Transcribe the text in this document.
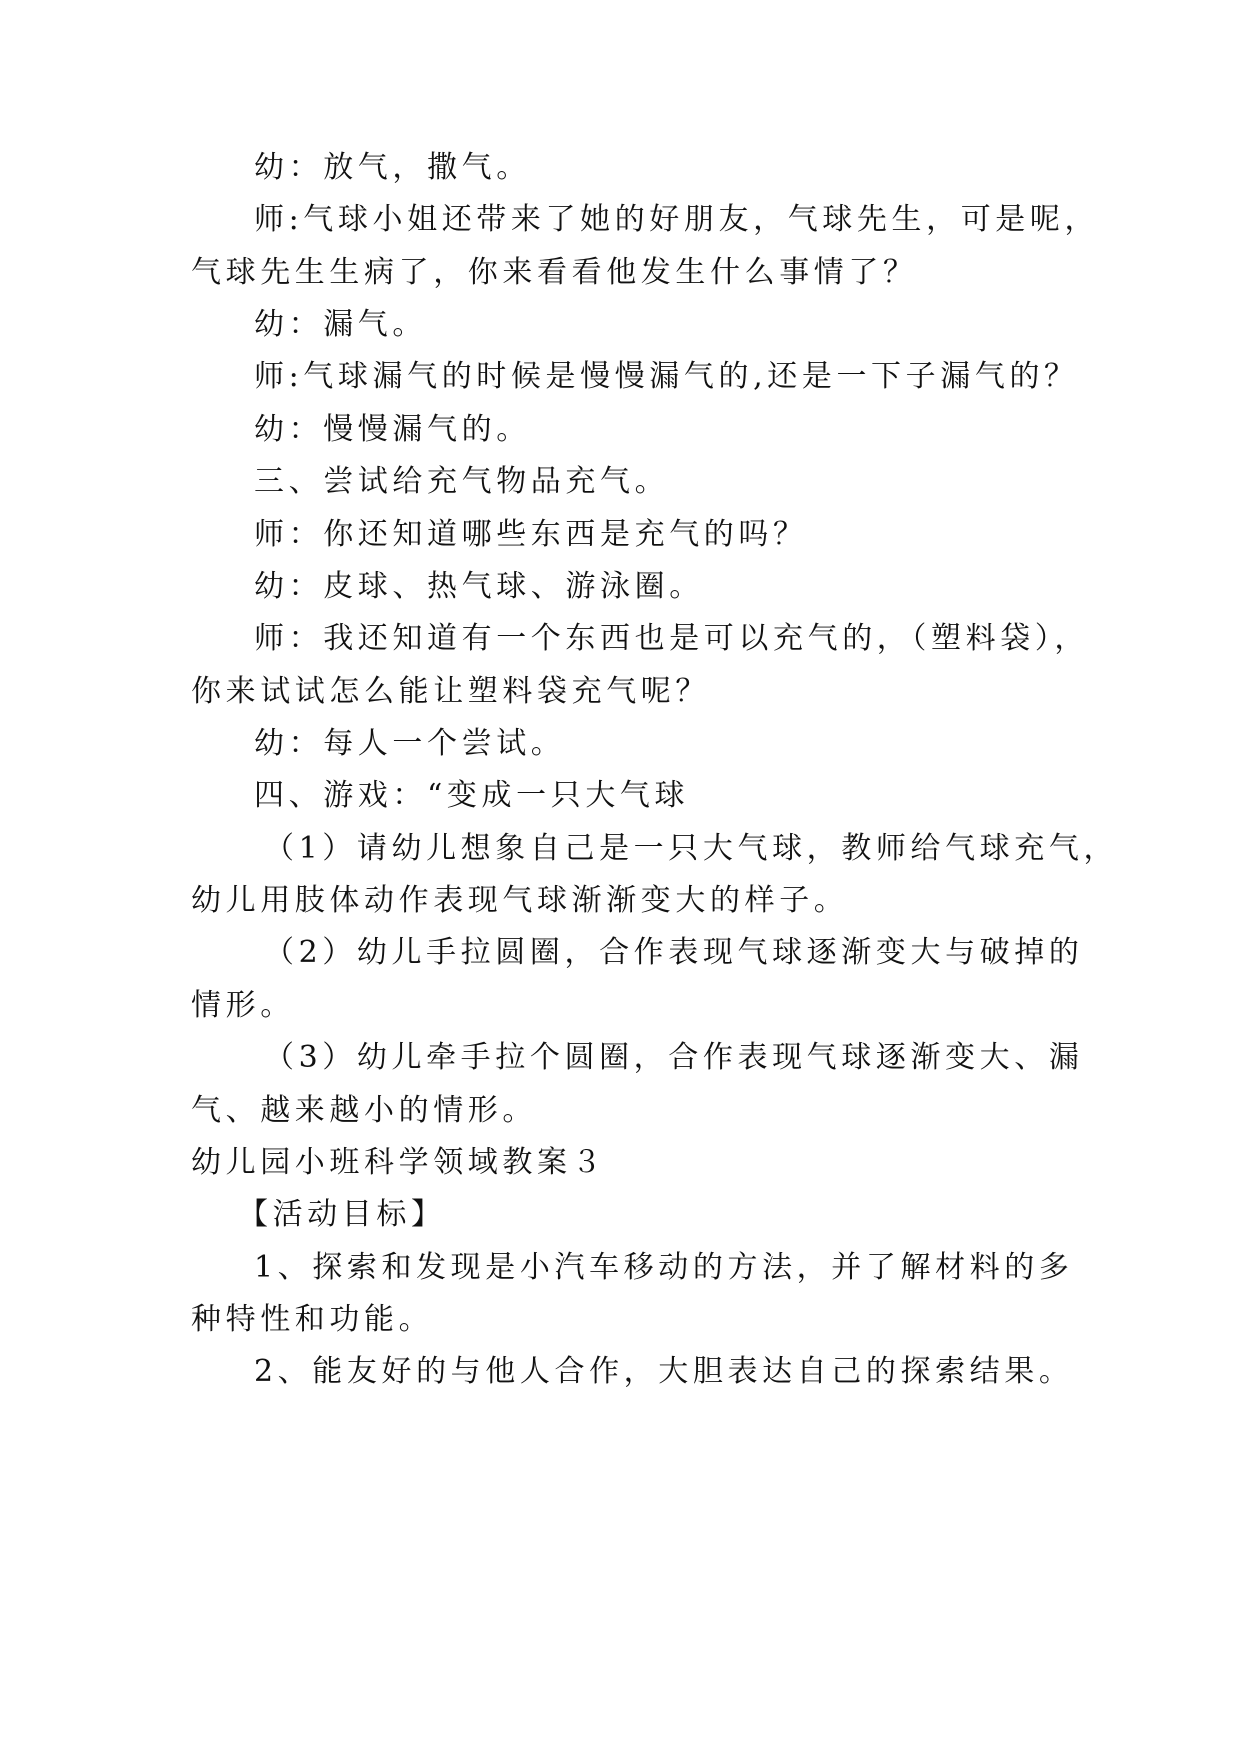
幼：放气，撒气。

师:气球小姐还带来了她的好朋友，气球先生，可是呢，

气球先生生病了，你来看看他发生什么事情了？

幼：漏气。

师:气球漏气的时候是慢慢漏气的,还是一下子漏气的？

幼：慢慢漏气的。

三、尝试给充气物品充气。

师：你还知道哪些东西是充气的吗？

幼：皮球、热气球、游泳圈。

师：我还知道有一个东西也是可以充气的，（塑料袋），

你来试试怎么能让塑料袋充气呢？

幼：每人一个尝试。

四、游戏：“变成一只大气球

（1）请幼儿想象自己是一只大气球，教师给气球充气，

幼儿用肢体动作表现气球渐渐变大的样子。

（2）幼儿手拉圆圈，合作表现气球逐渐变大与破掉的

情形。

（3）幼儿牵手拉个圆圈，合作表现气球逐渐变大、漏

气、越来越小的情形。

幼儿园小班科学领域教案３

【活动目标】

1、探索和发现是小汽车移动的方法，并了解材料的多

种特性和功能。

2、能友好的与他人合作，大胆表达自己的探索结果。
